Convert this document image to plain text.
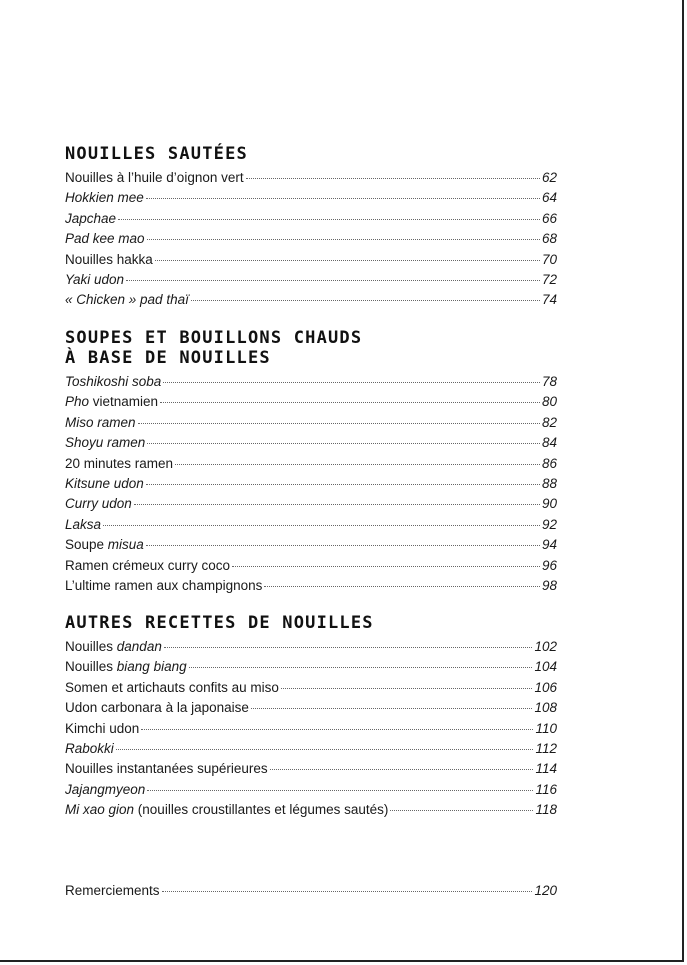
NOUILLES SAUTÉES
Nouilles à l’huile d’oignon vert	62
Hokkien mee	64
Japchae	66
Pad kee mao	68
Nouilles hakka	70
Yaki udon	72
« Chicken » pad thaï	74
SOUPES ET BOUILLONS CHAUDS
À BASE DE NOUILLES
Toshikoshi soba	78
Pho vietnamien	80
Miso ramen	82
Shoyu ramen	84
20 minutes ramen	86
Kitsune udon	88
Curry udon	90
Laksa	92
Soupe misua	94
Ramen crémeux curry coco	96
L’ultime ramen aux champignons	98
AUTRES RECETTES DE NOUILLES
Nouilles dandan	102
Nouilles biang biang	104
Somen et artichauts confits au miso	106
Udon carbonara à la japonaise	108
Kimchi udon	110
Rabokki	112
Nouilles instantanées supérieures	114
Jajangmyeon	116
Mi xao gion (nouilles croustillantes et légumes sautés)	118
Remerciements	120
